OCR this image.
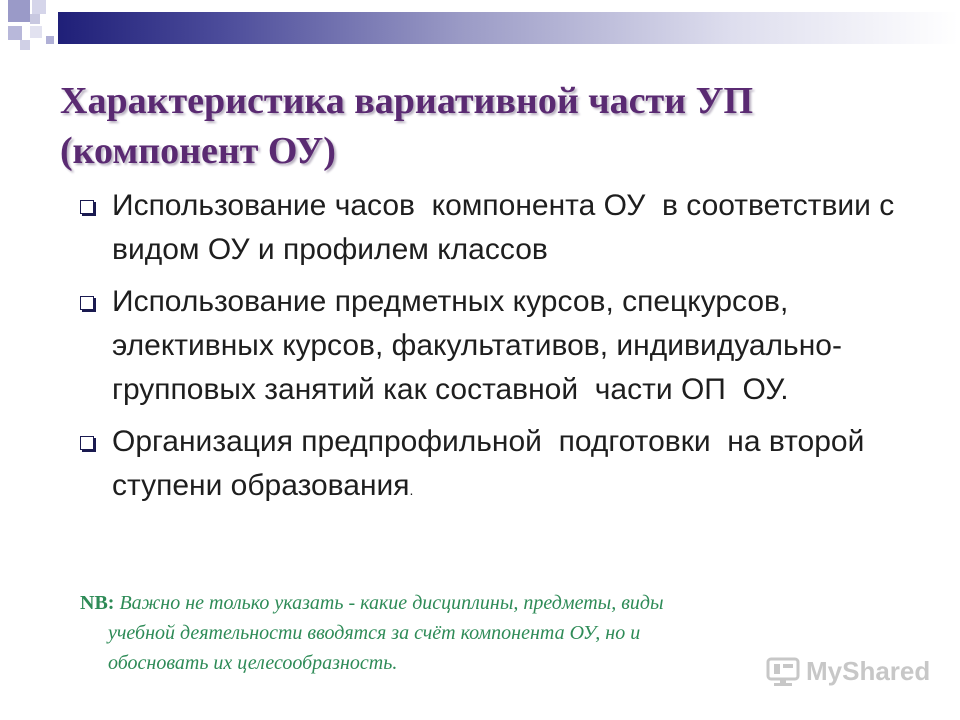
Характеристика вариативной части УП (компонент ОУ)
Использование часов  компонента ОУ  в соответствии с  видом ОУ и профилем классов
Использование предметных курсов, спецкурсов, элективных курсов, факультативов, индивидуально-групповых занятий как составной  части ОП  ОУ.
Организация предпрофильной  подготовки  на второй ступени образования.

NB: Важно не только указать - какие дисциплины, предметы, виды
учебной деятельности вводятся за счёт компонента ОУ, но и
обосновать их целесообразность.	MyShared
